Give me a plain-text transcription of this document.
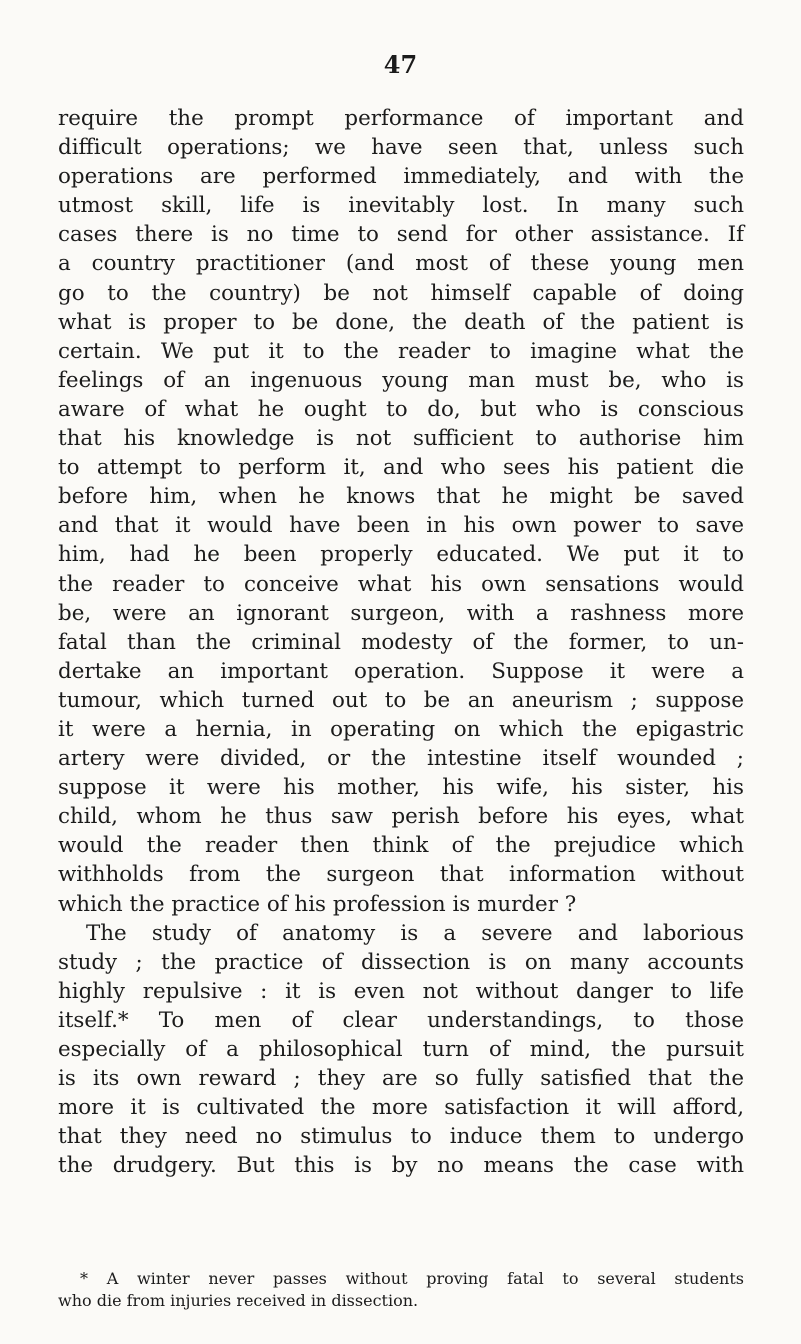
47
require the prompt performance of important and
difficult operations; we have seen that, unless such
operations are performed immediately, and with the
utmost skill, life is inevitably lost. In many such
cases there is no time to send for other assistance. If
a country practitioner (and most of these young men
go to the country) be not himself capable of doing
what is proper to be done, the death of the patient is
certain. We put it to the reader to imagine what the
feelings of an ingenuous young man must be, who is
aware of what he ought to do, but who is conscious
that his knowledge is not sufficient to authorise him
to attempt to perform it, and who sees his patient die
before him, when he knows that he might be saved
and that it would have been in his own power to save
him, had he been properly educated. We put it to
the reader to conceive what his own sensations would
be, were an ignorant surgeon, with a rashness more
fatal than the criminal modesty of the former, to un-
dertake an important operation. Suppose it were a
tumour, which turned out to be an aneurism ; suppose
it were a hernia, in operating on which the epigastric
artery were divided, or the intestine itself wounded ;
suppose it were his mother, his wife, his sister, his
child, whom he thus saw perish before his eyes, what
would the reader then think of the prejudice which
withholds from the surgeon that information without
which the practice of his profession is murder ?
The study of anatomy is a severe and laborious
study ; the practice of dissection is on many accounts
highly repulsive : it is even not without danger to life
itself.* To men of clear understandings, to those
especially of a philosophical turn of mind, the pursuit
is its own reward ; they are so fully satisfied that the
more it is cultivated the more satisfaction it will afford,
that they need no stimulus to induce them to undergo
the drudgery. But this is by no means the case with
* A winter never passes without proving fatal to several students
who die from injuries received in dissection.
